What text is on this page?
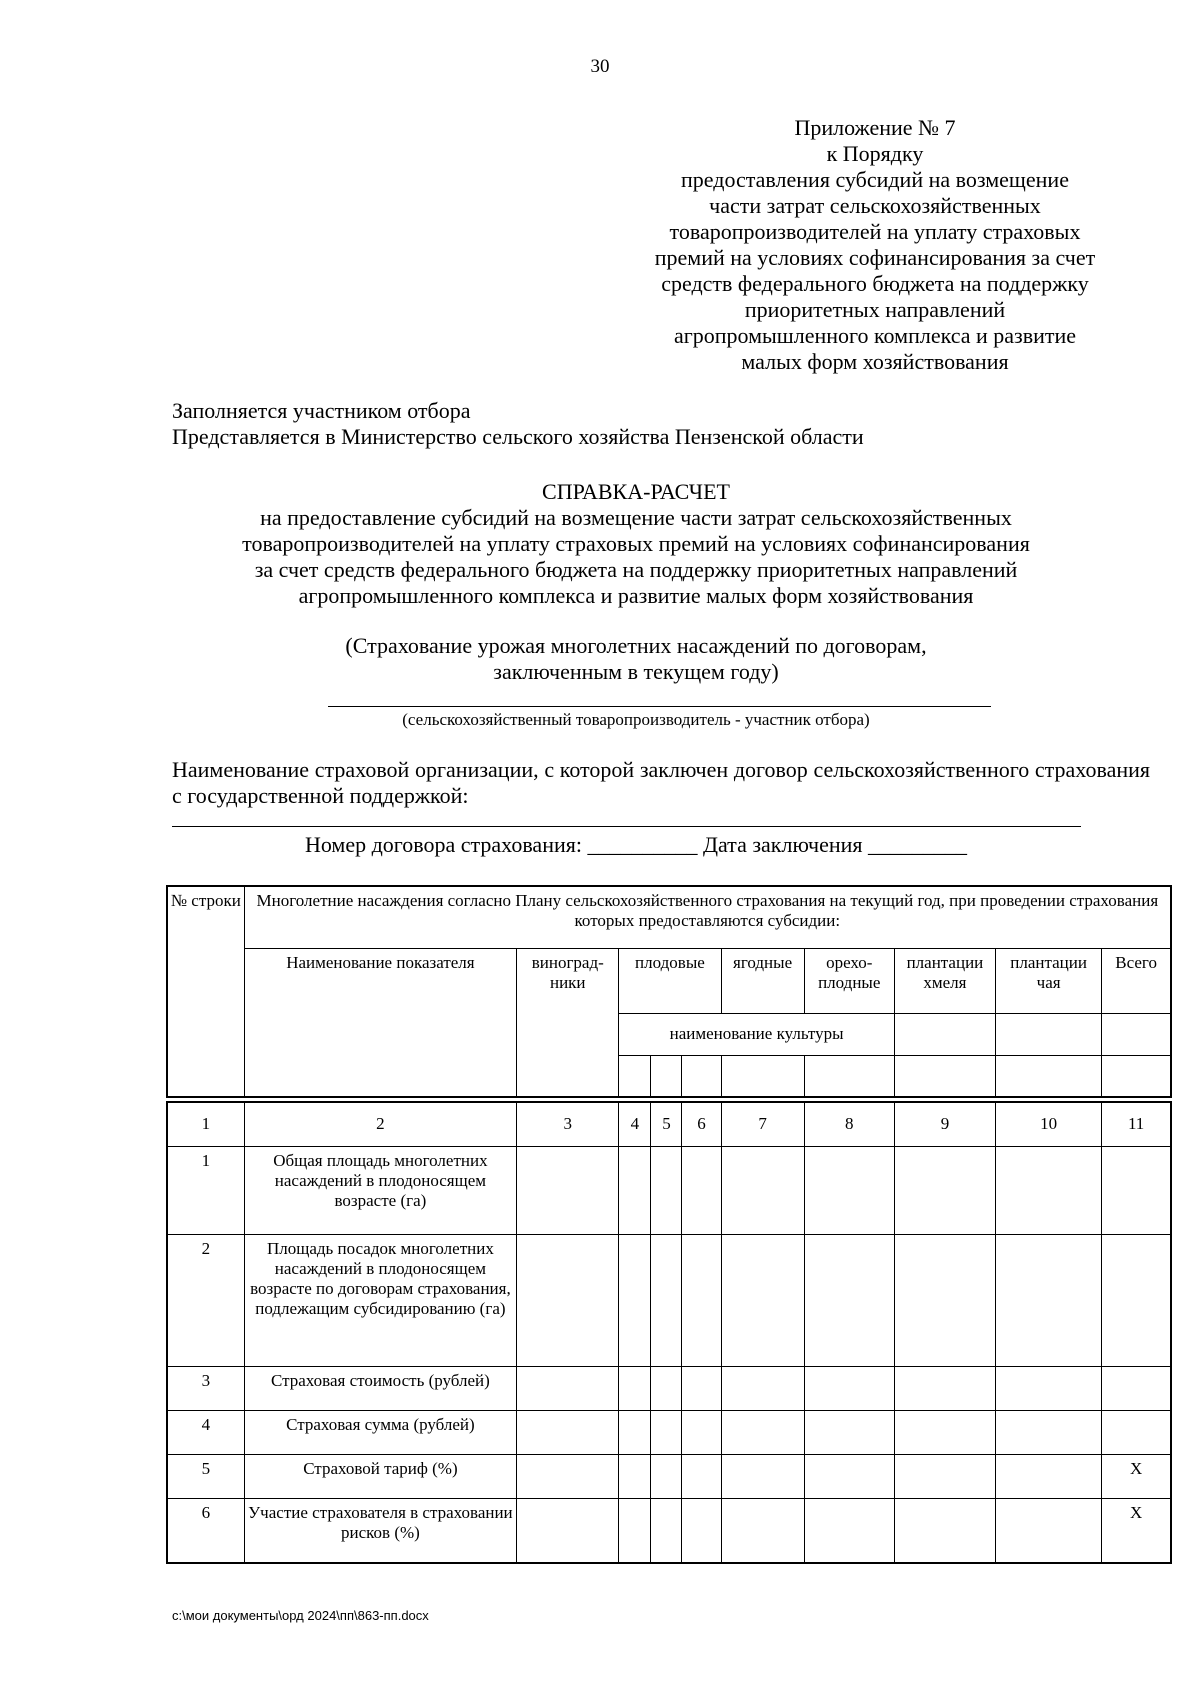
30
Приложение № 7
к Порядку
предоставления субсидий на возмещение
части затрат сельскохозяйственных
товаропроизводителей на уплату страховых
премий на условиях софинансирования за счет
средств федерального бюджета на поддержку
приоритетных направлений
агропромышленного комплекса и развитие
малых форм хозяйствования
Заполняется участником отбора
Представляется в Министерство сельского хозяйства Пензенской области
СПРАВКА-РАСЧЕТ
на предоставление субсидий на возмещение части затрат сельскохозяйственных
товаропроизводителей на уплату страховых премий на условиях софинансирования
за счет средств федерального бюджета на поддержку приоритетных направлений
агропромышленного комплекса и развитие малых форм хозяйствования
(Страхование урожая многолетних насаждений по договорам,
заключенным в текущем году)
(сельскохозяйственный товаропроизводитель - участник отбора)
Наименование страховой организации, с которой заключен договор сельскохозяйственного страхования с государственной поддержкой:
Номер договора страхования: __________ Дата заключения _________
№ строки	Многолетние насаждения согласно Плану сельскохозяйственного страхования на текущий год, при проведении страхования которых предоставляются субсидии:									
	Наименование показателя	виноград-ники	плодовые			ягодные	орехо-плодные	плантации хмеля	плантации чая	Всего
			наименование культуры							

1	2	3	4	5	6	7	8	9	10	11
1	Общая площадь многолетних насаждений в плодоносящем возрасте (га)									
2	Площадь посадок многолетних насаждений в плодоносящем возрасте по договорам страхования, подлежащим субсидированию (га)									
3	Страховая стоимость (рублей)									
4	Страховая сумма (рублей)									
5	Страховой тариф (%)									X
6	Участие страхователя в страховании рисков (%)									X
c:\мои документы\орд 2024\пп\863-пп.docx
